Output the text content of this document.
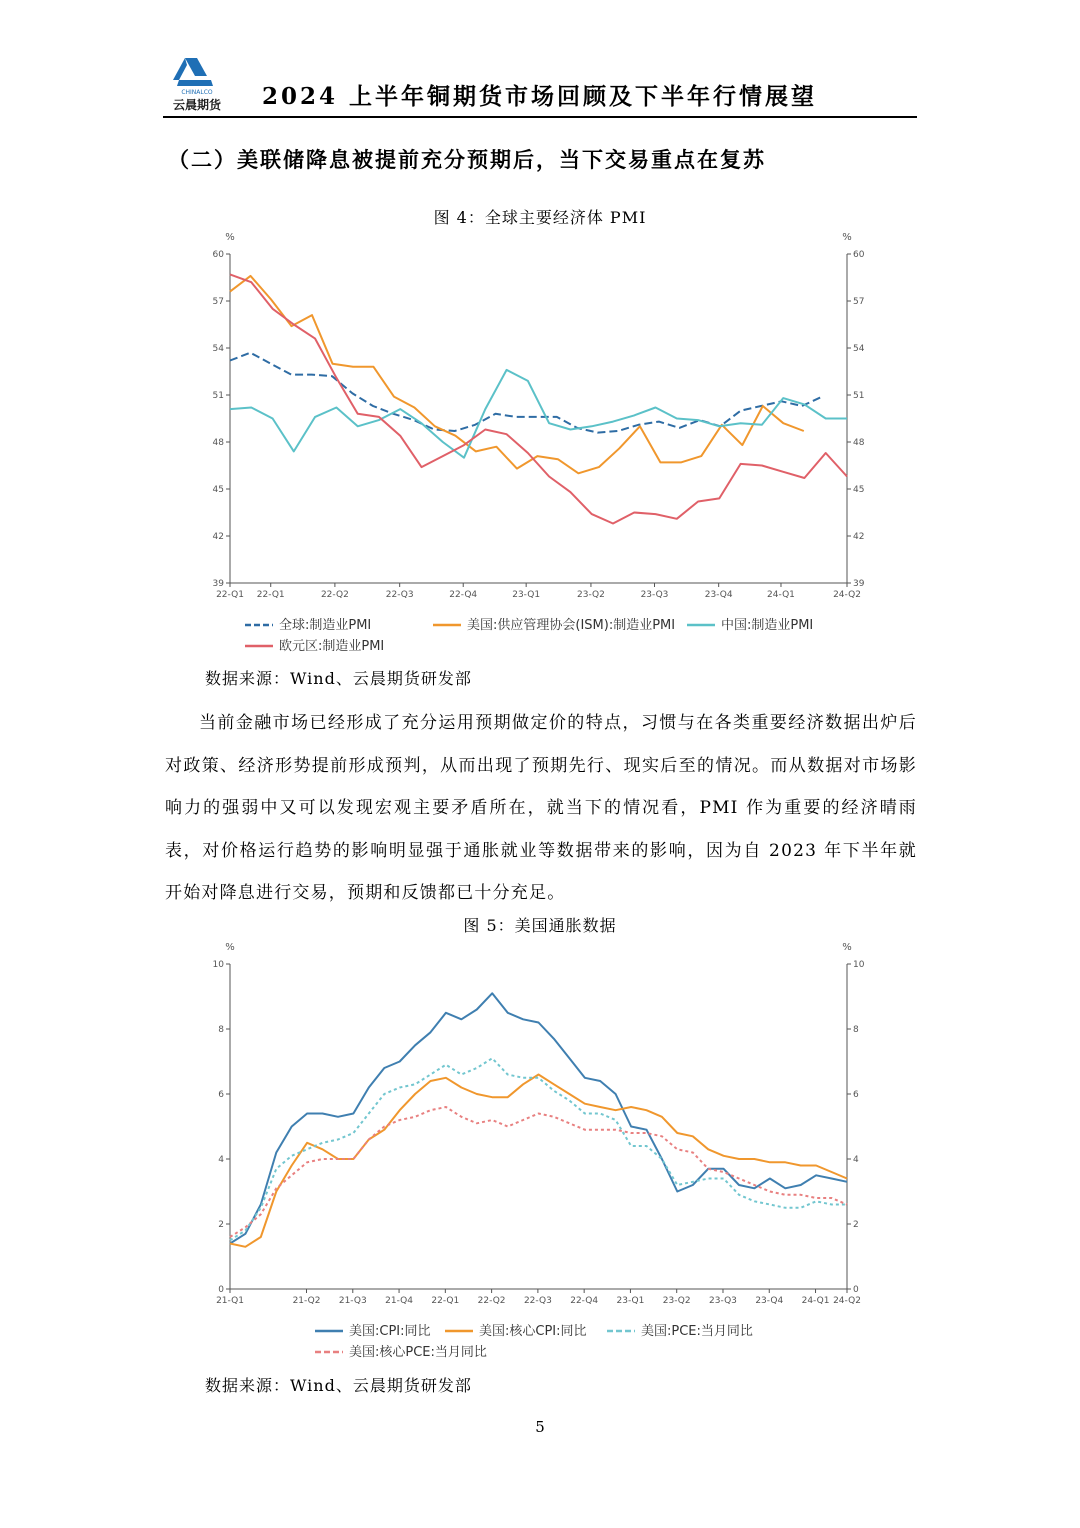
CHINALCO
云晨期货	2024 上半年铜期货市场回顾及下半年行情展望
（二）美联储降息被提前充分预期后，当下交易重点在复苏
图 4：全球主要经济体 PMI
%	%
39	39
42	42
45	45
48	48
51	51
54	54
57	57
60	60
22-Q1 22-Q1	22-Q2	22-Q3	22-Q4	23-Q1	23-Q2	23-Q3	23-Q4	24-Q1	24-Q2
全球:制造业PMI	美国:供应管理协会(ISM):制造业PMI	中国:制造业PMI
欧元区:制造业PMI
数据来源：Wind、云晨期货研发部
当前金融市场已经形成了充分运用预期做定价的特点，习惯与在各类重要经济数据出炉后对政策、经济形势提前形成预判，从而出现了预期先行、现实后至的情况。而从数据对市场影响力的强弱中又可以发现宏观主要矛盾所在，就当下的情况看，PMI 作为重要的经济晴雨表，对价格运行趋势的影响明显强于通胀就业等数据带来的影响，因为自 2023 年下半年就开始对降息进行交易，预期和反馈都已十分充足。
图 5：美国通胀数据
%	%
0	0
2	2
4	4
6	6
8	8
10	10
21-Q1	21-Q2 21-Q3 21-Q4 22-Q1 22-Q2 22-Q3 22-Q4 23-Q1 23-Q2 23-Q3 23-Q4 24-Q1 24-Q2
美国:CPI:同比	美国:核心CPI:同比	美国:PCE:当月同比
美国:核心PCE:当月同比
数据来源：Wind、云晨期货研发部
5
